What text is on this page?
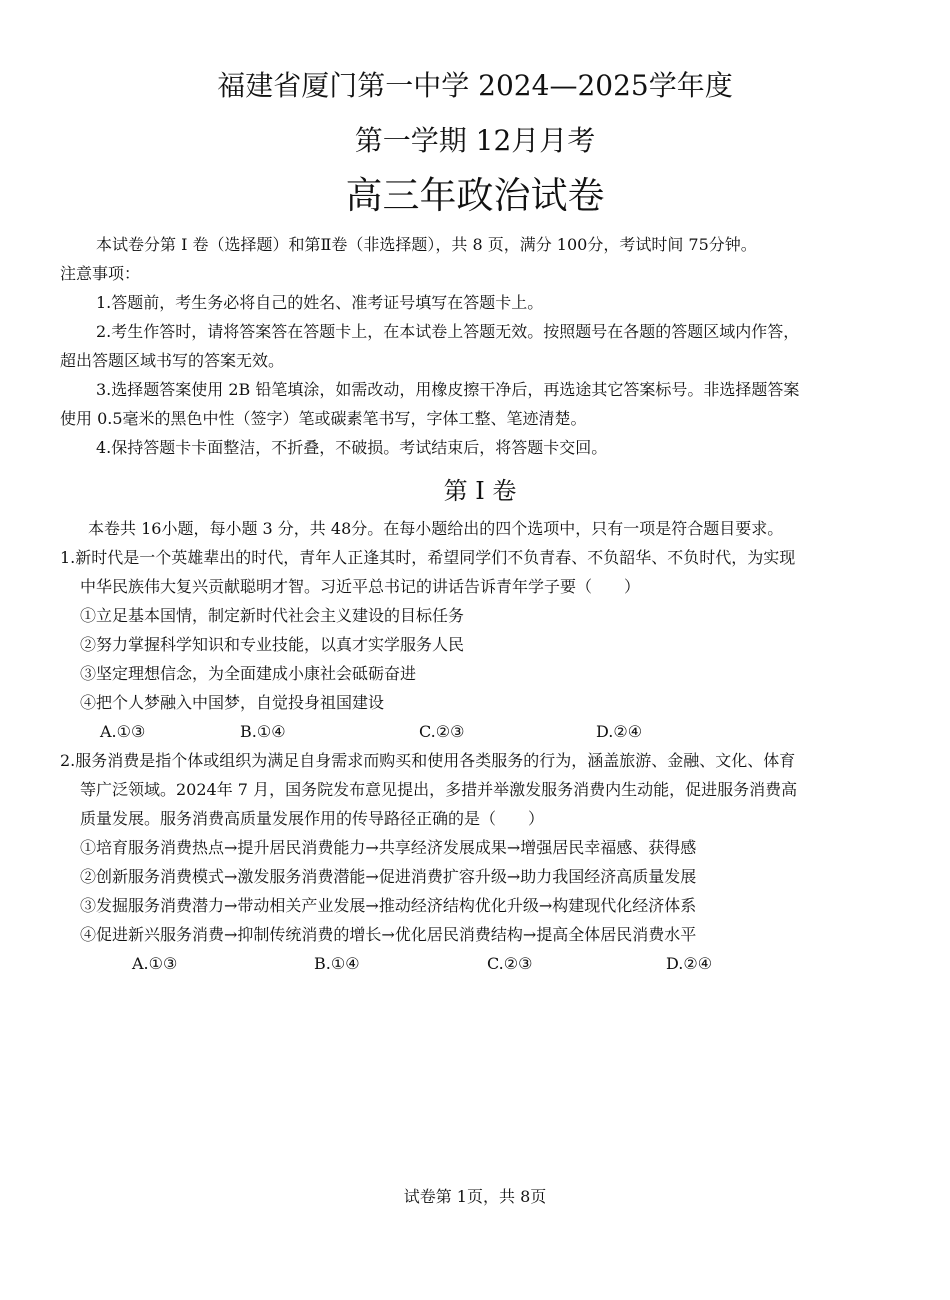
福建省厦门第一中学 2024—2025学年度
第一学期 12月月考
高三年政治试卷

本试卷分第 I 卷（选择题）和第Ⅱ卷（非选择题），共 8 页，满分 100分，考试时间 75分钟。

注意事项：

1.答题前，考生务必将自己的姓名、准考证号填写在答题卡上。

2.考生作答时，请将答案答在答题卡上，在本试卷上答题无效。按照题号在各题的答题区域内作答，

超出答题区域书写的答案无效。

3.选择题答案使用 2B 铅笔填涂，如需改动，用橡皮擦干净后，再选途其它答案标号。非选择题答案

使用 0.5毫米的黑色中性（签字）笔或碳素笔书写，字体工整、笔迹清楚。

4.保持答题卡卡面整洁，不折叠，不破损。考试结束后，将答题卡交回。

第 I 卷

本卷共 16小题，每小题 3 分，共 48分。在每小题给出的四个选项中，只有一项是符合题目要求。

1.新时代是一个英雄辈出的时代，青年人正逢其时，希望同学们不负青春、不负韶华、不负时代，为实现

中华民族伟大复兴贡献聪明才智。习近平总书记的讲话告诉青年学子要（　　）

①立足基本国情，制定新时代社会主义建设的目标任务

②努力掌握科学知识和专业技能，以真才实学服务人民

③坚定理想信念，为全面建成小康社会砥砺奋进

④把个人梦融入中国梦，自觉投身祖国建设

A.①③	B.①④	C.②③	D.②④

2.服务消费是指个体或组织为满足自身需求而购买和使用各类服务的行为，涵盖旅游、金融、文化、体育

等广泛领域。2024年 7 月，国务院发布意见提出，多措并举激发服务消费内生动能，促进服务消费高

质量发展。服务消费高质量发展作用的传导路径正确的是（　　）

①培育服务消费热点→提升居民消费能力→共享经济发展成果→增强居民幸福感、获得感

②创新服务消费模式→激发服务消费潜能→促进消费扩容升级→助力我国经济高质量发展

③发掘服务消费潜力→带动相关产业发展→推动经济结构优化升级→构建现代化经济体系

④促进新兴服务消费→抑制传统消费的增长→优化居民消费结构→提高全体居民消费水平

A.①③	B.①④	C.②③	D.②④
试卷第 1页，共 8页
